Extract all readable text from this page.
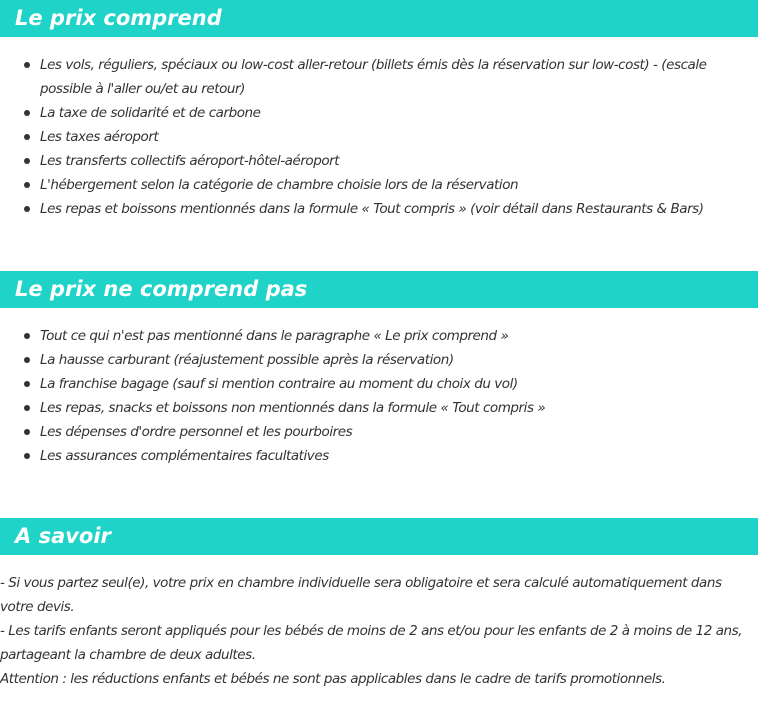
Le prix comprend
Les vols, réguliers, spéciaux ou low-cost aller-retour (billets émis dès la réservation sur low-cost) - (escale possible à l'aller ou/et au retour)
La taxe de solidarité et de carbone
Les taxes aéroport
Les transferts collectifs aéroport-hôtel-aéroport
L'hébergement selon la catégorie de chambre choisie lors de la réservation
Les repas et boissons mentionnés dans la formule « Tout compris » (voir détail dans Restaurants & Bars)
Le prix ne comprend pas
Tout ce qui n'est pas mentionné dans le paragraphe « Le prix comprend »
La hausse carburant (réajustement possible après la réservation)
La franchise bagage (sauf si mention contraire au moment du choix du vol)
Les repas, snacks et boissons non mentionnés dans la formule « Tout compris »
Les dépenses d'ordre personnel et les pourboires
Les assurances complémentaires facultatives
A savoir

- Si vous partez seul(e), votre prix en chambre individuelle sera obligatoire et sera calculé automatiquement dans votre devis.

- Les tarifs enfants seront appliqués pour les bébés de moins de 2 ans et/ou pour les enfants de 2 à moins de 12 ans, partageant la chambre de deux adultes.

Attention : les réductions enfants et bébés ne sont pas applicables dans le cadre de tarifs promotionnels.
